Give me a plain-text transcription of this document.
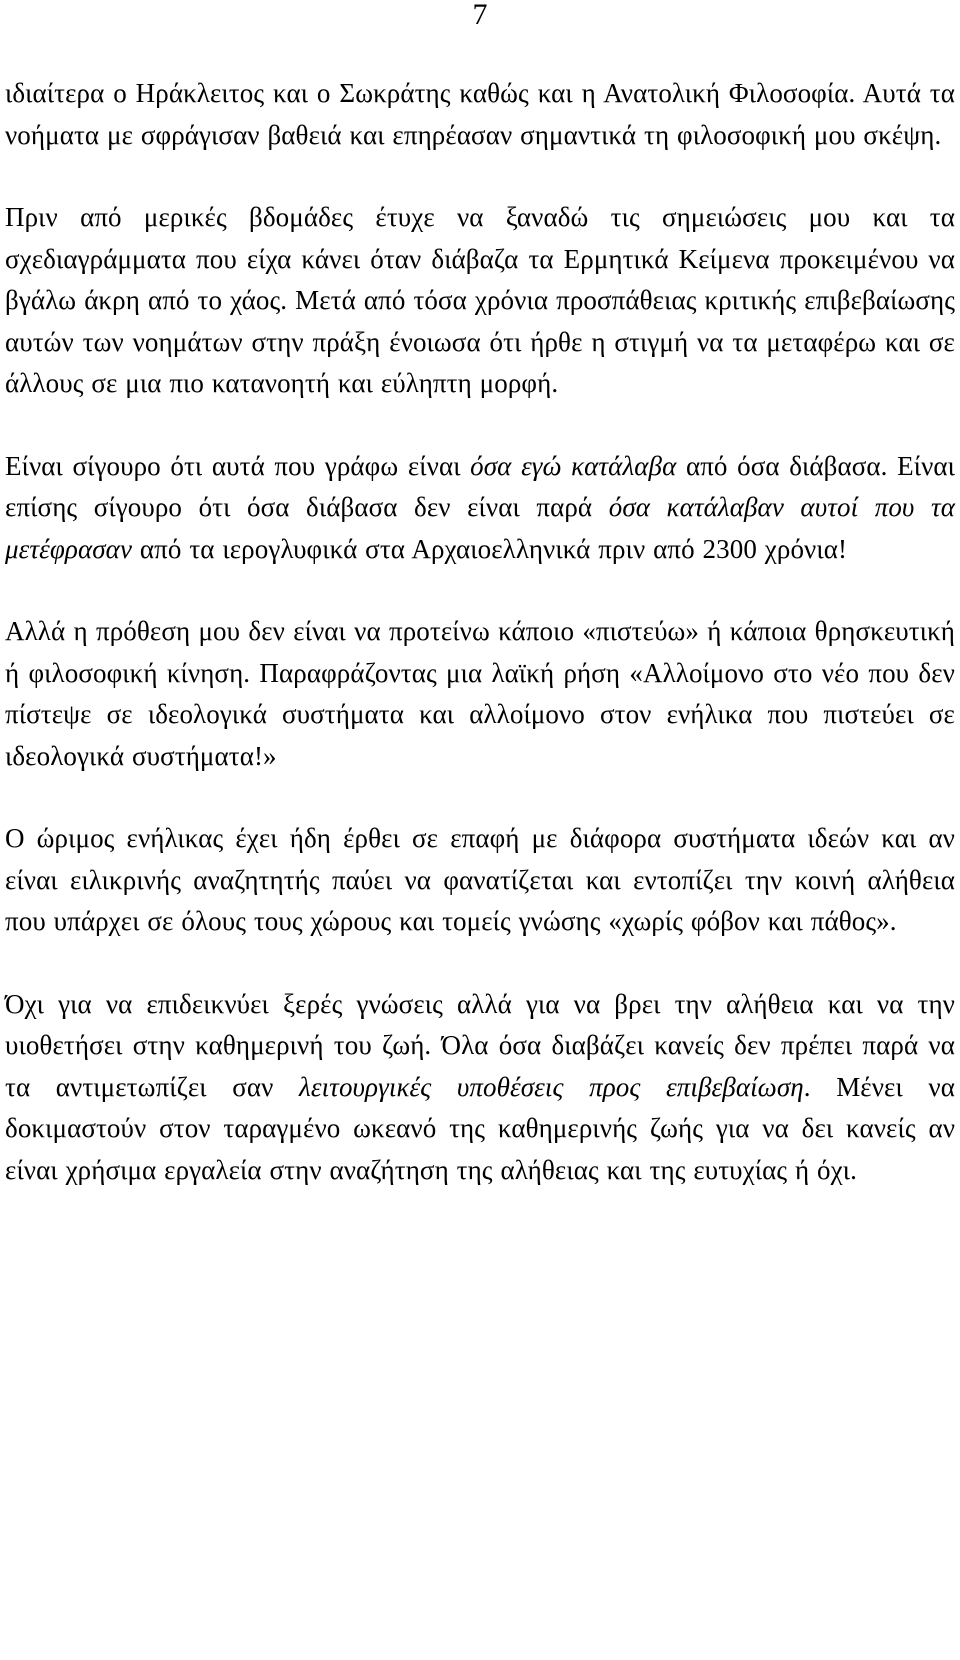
7

ιδιαίτερα ο Ηράκλειτος και ο Σωκράτης καθώς και η Ανατολική Φιλοσοφία. Αυτά τα νοήματα με σφράγισαν βαθειά και επηρέασαν σημαντικά τη φιλοσοφική μου σκέψη.

Πριν από μερικές βδομάδες έτυχε να ξαναδώ τις σημειώσεις μου και τα σχεδιαγράμματα που είχα κάνει όταν διάβαζα τα Ερμητικά Κείμενα προκειμένου να βγάλω άκρη από το χάος. Μετά από τόσα χρόνια προσπάθειας κριτικής επιβεβαίωσης αυτών των νοημάτων στην πράξη ένοιωσα ότι ήρθε η στιγμή να τα μεταφέρω και σε άλλους σε μια πιο κατανοητή και εύληπτη μορφή.

Είναι σίγουρο ότι αυτά που γράφω είναι όσα εγώ κατάλαβα από όσα διάβασα. Είναι επίσης σίγουρο ότι όσα διάβασα δεν είναι παρά όσα κατάλαβαν αυτοί που τα μετέφρασαν από τα ιερογλυφικά στα Αρχαιοελληνικά πριν από 2300 χρόνια!

Αλλά η πρόθεση μου δεν είναι να προτείνω κάποιο «πιστεύω» ή κάποια θρησκευτική ή φιλοσοφική κίνηση. Παραφράζοντας μια λαϊκή ρήση «Αλλοίμονο στο νέο που δεν πίστεψε σε ιδεολογικά συστήματα και αλλοίμονο στον ενήλικα που πιστεύει σε ιδεολογικά συστήματα!»

Ο ώριμος ενήλικας έχει ήδη έρθει σε επαφή με διάφορα συστήματα ιδεών και αν είναι ειλικρινής αναζητητής παύει να φανατίζεται και εντοπίζει την κοινή αλήθεια που υπάρχει σε όλους τους χώρους και τομείς γνώσης «χωρίς φόβον και πάθος».

Όχι για να επιδεικνύει ξερές γνώσεις αλλά για να βρει την αλήθεια και να την υιοθετήσει στην καθημερινή του ζωή. Όλα όσα διαβάζει κανείς δεν πρέπει παρά να τα αντιμετωπίζει σαν λειτουργικές υποθέσεις προς επιβεβαίωση. Μένει να δοκιμαστούν στον ταραγμένο ωκεανό της καθημερινής ζωής για να δει κανείς αν είναι χρήσιμα εργαλεία στην αναζήτηση της αλήθειας και της ευτυχίας ή όχι.
